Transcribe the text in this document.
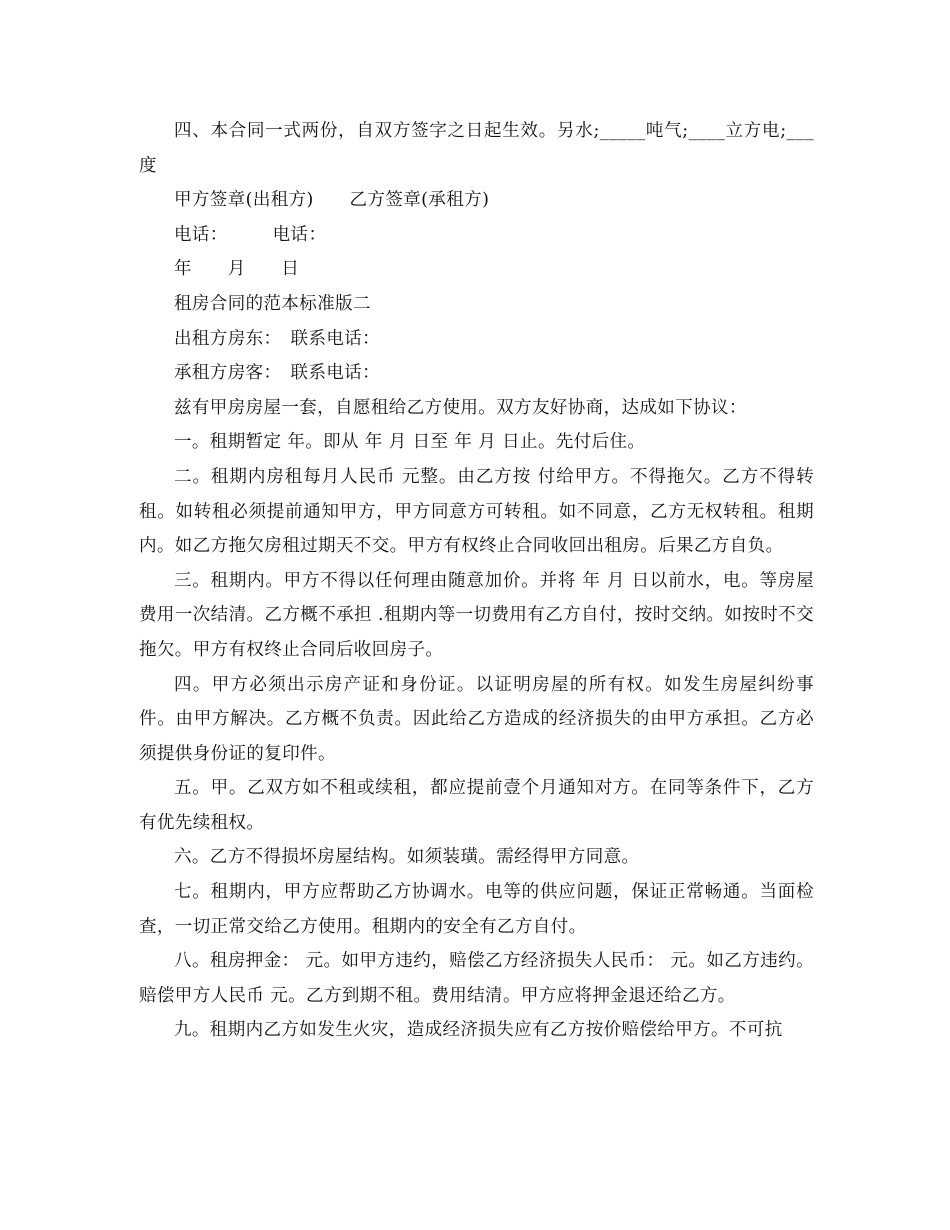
四、本合同一式两份，自双方签字之日起生效。另水;_____吨气;____立方电;___度

甲方签章(出租方)　　乙方签章(承租方)

电话：　　　电话：

年　　月　　日

租房合同的范本标准版二

出租方房东：　联系电话：

承租方房客：　联系电话：

兹有甲房房屋一套，自愿租给乙方使用。双方友好协商，达成如下协议：

一。租期暂定 年。即从 年 月 日至 年 月 日止。先付后住。

二。租期内房租每月人民币 元整。由乙方按 付给甲方。不得拖欠。乙方不得转租。如转租必须提前通知甲方，甲方同意方可转租。如不同意，乙方无权转租。租期内。如乙方拖欠房租过期天不交。甲方有权终止合同收回出租房。后果乙方自负。

三。租期内。甲方不得以任何理由随意加价。并将 年 月 日以前水，电。等房屋费用一次结清。乙方概不承担 .租期内等一切费用有乙方自付，按时交纳。如按时不交拖欠。甲方有权终止合同后收回房子。

四。甲方必须出示房产证和身份证。以证明房屋的所有权。如发生房屋纠纷事件。由甲方解决。乙方概不负责。因此给乙方造成的经济损失的由甲方承担。乙方必须提供身份证的复印件。

五。甲。乙双方如不租或续租，都应提前壹个月通知对方。在同等条件下，乙方有优先续租权。

六。乙方不得损坏房屋结构。如须装璜。需经得甲方同意。

七。租期内，甲方应帮助乙方协调水。电等的供应问题，保证正常畅通。当面检查，一切正常交给乙方使用。租期内的安全有乙方自付。

八。租房押金： 元。如甲方违约，赔偿乙方经济损失人民币： 元。如乙方违约。赔偿甲方人民币 元。乙方到期不租。费用结清。甲方应将押金退还给乙方。

九。租期内乙方如发生火灾，造成经济损失应有乙方按价赔偿给甲方。不可抗
